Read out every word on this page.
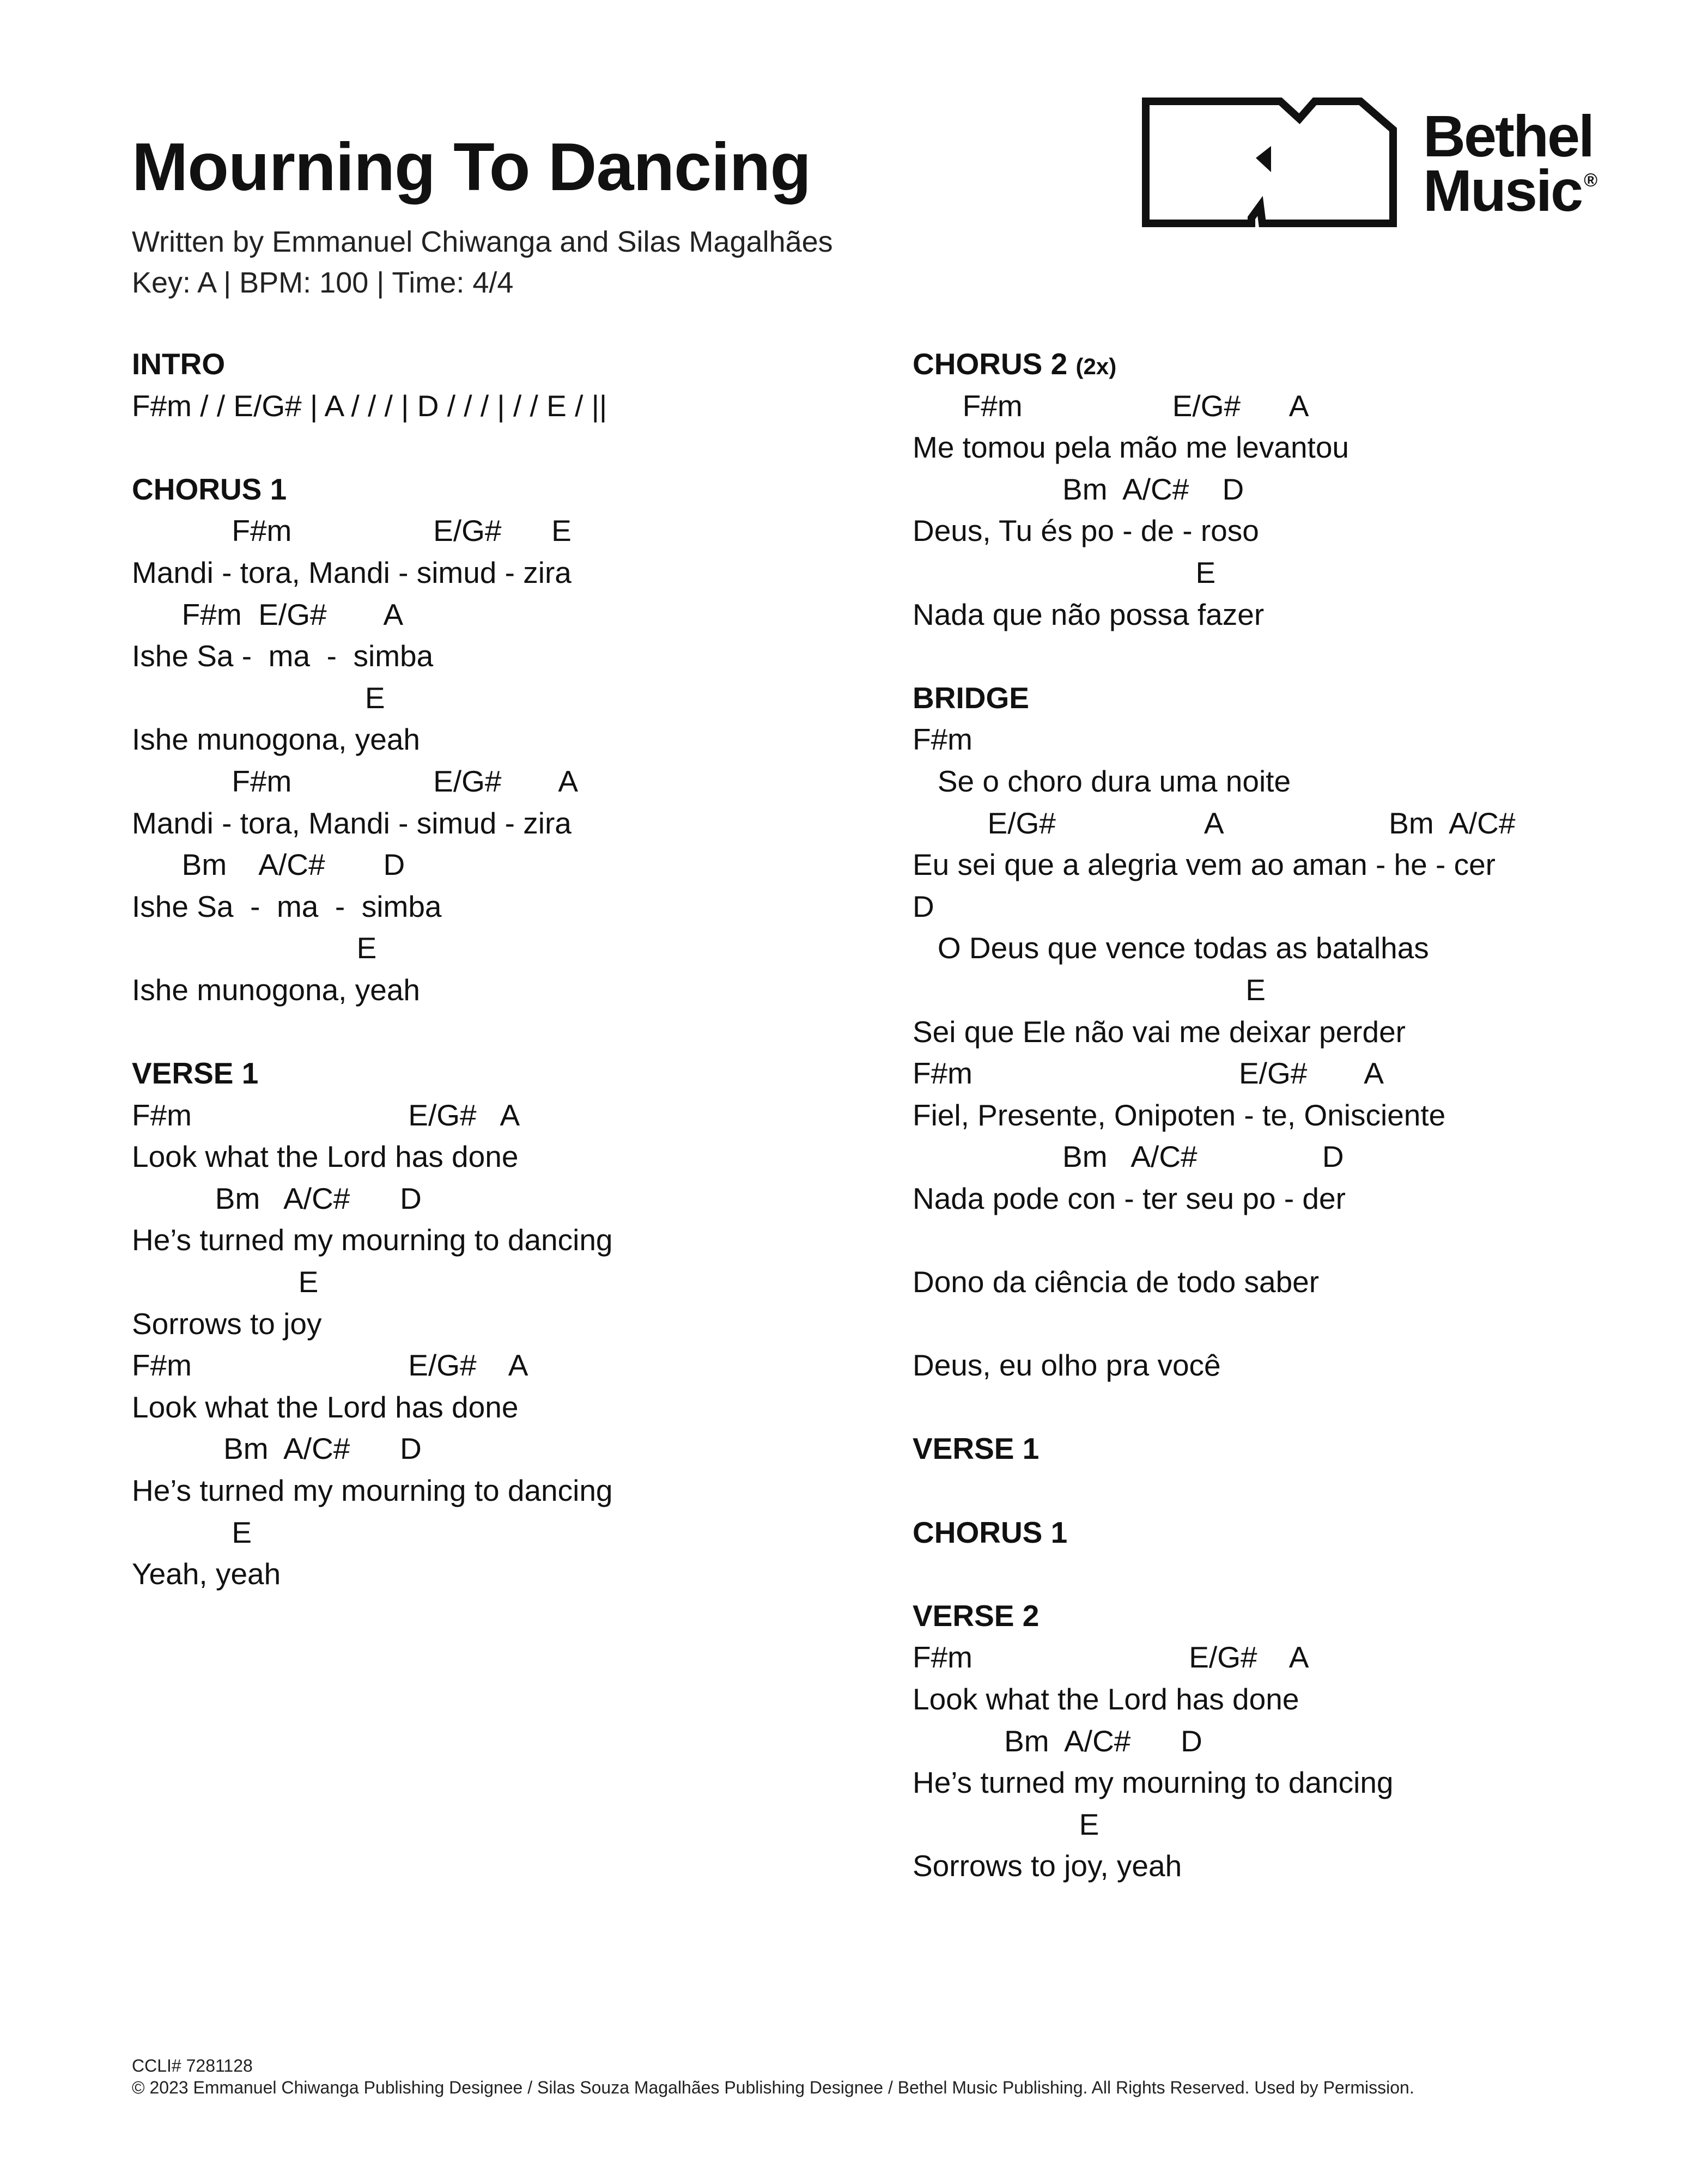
Mourning To Dancing
Written by Emmanuel Chiwanga and Silas Magalhães
Key: A | BPM: 100 | Time: 4/4
Bethel
Music ®
INTRO
F#m / / E/G# | A / / / | D / / / | / / E / ||
CHORUS 1
F#m                 E/G#      E
Mandi - tora, Mandi - simud - zira
F#m  E/G#       A
Ishe Sa -  ma  -  simba
E
Ishe munogona, yeah
F#m                 E/G#       A
Mandi - tora, Mandi - simud - zira
Bm    A/C#       D
Ishe Sa  -  ma  -  simba
E
Ishe munogona, yeah
VERSE 1
F#m                          E/G#   A
Look what the Lord has done
Bm   A/C#      D
He’s turned my mourning to dancing
E
Sorrows to joy
F#m                          E/G#    A
Look what the Lord has done
Bm  A/C#      D
He’s turned my mourning to dancing
E
Yeah, yeah
CHORUS 2 (2x)
F#m                  E/G#      A
Me tomou pela mão me levantou
Bm  A/C#    D
Deus, Tu és po - de - roso
E
Nada que não possa fazer
BRIDGE
F#m
Se o choro dura uma noite
E/G#                  A                    Bm  A/C#
Eu sei que a alegria vem ao aman - he - cer
D
O Deus que vence todas as batalhas
E
Sei que Ele não vai me deixar perder
F#m                                E/G#       A
Fiel, Presente, Onipoten - te, Onisciente
Bm   A/C#               D
Nada pode con - ter seu po - der
Dono da ciência de todo saber
Deus, eu olho pra você
VERSE 1
CHORUS 1
VERSE 2
F#m                          E/G#    A
Look what the Lord has done
Bm  A/C#      D
He’s turned my mourning to dancing
E
Sorrows to joy, yeah
CCLI# 7281128
© 2023 Emmanuel Chiwanga Publishing Designee / Silas Souza Magalhães Publishing Designee / Bethel Music Publishing. All Rights Reserved. Used by Permission.
